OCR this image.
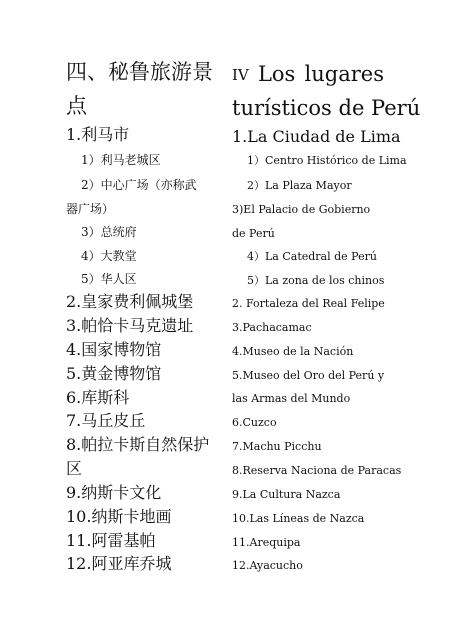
四、秘鲁旅游景
点
1.利马市
1）利马老城区
2）中心广场（亦称武
器广场）
3）总统府
4）大教堂
5）华人区
2.皇家费利佩城堡
3.帕恰卡马克遗址
4.国家博物馆
5.黄金博物馆
6.库斯科
7.马丘皮丘
8.帕拉卡斯自然保护
区
9.纳斯卡文化
10.纳斯卡地画
11.阿雷基帕
12.阿亚库乔城
IV Los lugares
turísticos de Perú
1.La Ciudad de Lima
1）Centro Histórico de Lima
2）La Plaza Mayor
3)El Palacio de Gobierno
de Perú
4）La Catedral de Perú
5）La zona de los chinos
2. Fortaleza del Real Felipe
3.Pachacamac
4.Museo de la Nación
5.Museo del Oro del Perú y
las Armas del Mundo
6.Cuzco
7.Machu Picchu
8.Reserva Naciona de Paracas
9.La Cultura Nazca
10.Las Líneas de Nazca
11.Arequipa
12.Ayacucho
